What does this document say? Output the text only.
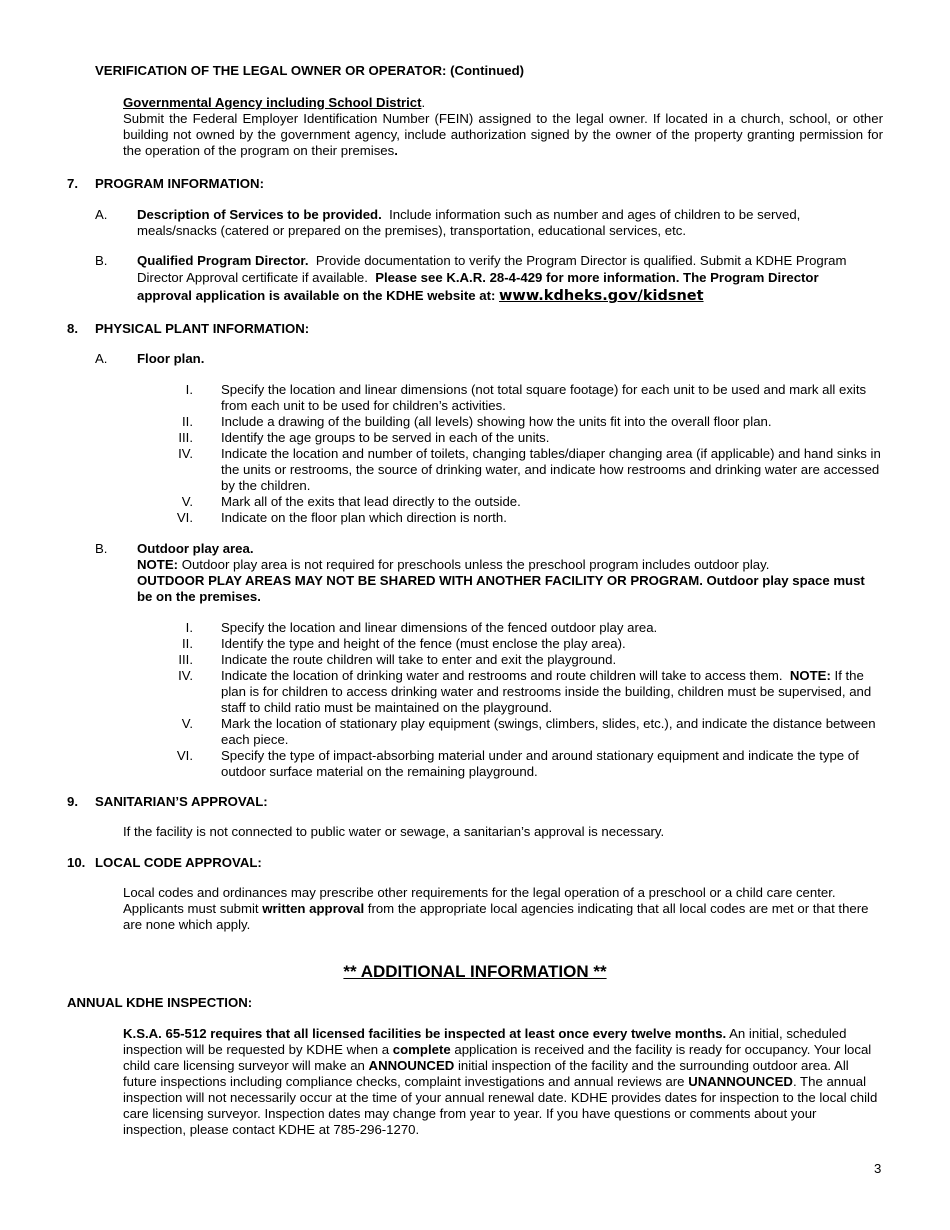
VERIFICATION OF THE LEGAL OWNER OR OPERATOR: (Continued)
Governmental Agency including School District.
Submit the Federal Employer Identification Number (FEIN) assigned to the legal owner. If located in a church, school, or other building not owned by the government agency, include authorization signed by the owner of the property granting permission for the operation of the program on their premises.
7. PROGRAM INFORMATION:
A. Description of Services to be provided. Include information such as number and ages of children to be served, meals/snacks (catered or prepared on the premises), transportation, educational services, etc.
B. Qualified Program Director. Provide documentation to verify the Program Director is qualified. Submit a KDHE Program Director Approval certificate if available. Please see K.A.R. 28-4-429 for more information. The Program Director approval application is available on the KDHE website at: www.kdheks.gov/kidsnet
8. PHYSICAL PLANT INFORMATION:
A. Floor plan.
I. Specify the location and linear dimensions (not total square footage) for each unit to be used and mark all exits from each unit to be used for children’s activities.
II. Include a drawing of the building (all levels) showing how the units fit into the overall floor plan.
III. Identify the age groups to be served in each of the units.
IV. Indicate the location and number of toilets, changing tables/diaper changing area (if applicable) and hand sinks in the units or restrooms, the source of drinking water, and indicate how restrooms and drinking water are accessed by the children.
V. Mark all of the exits that lead directly to the outside.
VI. Indicate on the floor plan which direction is north.
B. Outdoor play area.
NOTE: Outdoor play area is not required for preschools unless the preschool program includes outdoor play.
OUTDOOR PLAY AREAS MAY NOT BE SHARED WITH ANOTHER FACILITY OR PROGRAM. Outdoor play space must be on the premises.
I. Specify the location and linear dimensions of the fenced outdoor play area.
II. Identify the type and height of the fence (must enclose the play area).
III. Indicate the route children will take to enter and exit the playground.
IV. Indicate the location of drinking water and restrooms and route children will take to access them. NOTE: If the plan is for children to access drinking water and restrooms inside the building, children must be supervised, and staff to child ratio must be maintained on the playground.
V. Mark the location of stationary play equipment (swings, climbers, slides, etc.), and indicate the distance between each piece.
VI. Specify the type of impact-absorbing material under and around stationary equipment and indicate the type of outdoor surface material on the remaining playground.
9. SANITARIAN’S APPROVAL:
If the facility is not connected to public water or sewage, a sanitarian’s approval is necessary.
10. LOCAL CODE APPROVAL:
Local codes and ordinances may prescribe other requirements for the legal operation of a preschool or a child care center. Applicants must submit written approval from the appropriate local agencies indicating that all local codes are met or that there are none which apply.
** ADDITIONAL INFORMATION **
ANNUAL KDHE INSPECTION:
K.S.A. 65-512 requires that all licensed facilities be inspected at least once every twelve months. An initial, scheduled inspection will be requested by KDHE when a complete application is received and the facility is ready for occupancy. Your local child care licensing surveyor will make an ANNOUNCED initial inspection of the facility and the surrounding outdoor area. All future inspections including compliance checks, complaint investigations and annual reviews are UNANNOUNCED. The annual inspection will not necessarily occur at the time of your annual renewal date. KDHE provides dates for inspection to the local child care licensing surveyor. Inspection dates may change from year to year. If you have questions or comments about your inspection, please contact KDHE at 785-296-1270.
3
